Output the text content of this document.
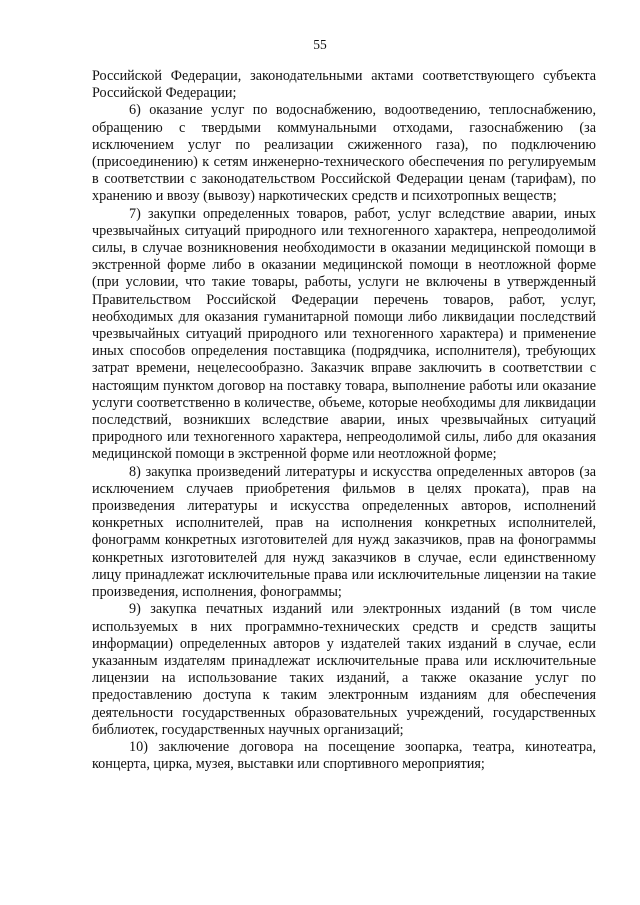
55

Российской Федерации, законодательными актами соответствующего субъекта Российской Федерации;

6) оказание услуг по водоснабжению, водоотведению, теплоснабжению, обращению с твердыми коммунальными отходами, газоснабжению (за исключением услуг по реализации сжиженного газа), по подключению (присоединению) к сетям инженерно-технического обеспечения по регулируемым в соответствии с законодательством Российской Федерации ценам (тарифам), по хранению и ввозу (вывозу) наркотических средств и психотропных веществ;

7) закупки определенных товаров, работ, услуг вследствие аварии, иных чрезвычайных ситуаций природного или техногенного характера, непреодолимой силы, в случае возникновения необходимости в оказании медицинской помощи в экстренной форме либо в оказании медицинской помощи в неотложной форме (при условии, что такие товары, работы, услуги не включены в утвержденный Правительством Российской Федерации перечень товаров, работ, услуг, необходимых для оказания гуманитарной помощи либо ликвидации последствий чрезвычайных ситуаций природного или техногенного характера) и применение иных способов определения поставщика (подрядчика, исполнителя), требующих затрат времени, нецелесообразно. Заказчик вправе заключить в соответствии с настоящим пунктом договор на поставку товара, выполнение работы или оказание услуги соответственно в количестве, объеме, которые необходимы для ликвидации последствий, возникших вследствие аварии, иных чрезвычайных ситуаций природного или техногенного характера, непреодолимой силы, либо для оказания медицинской помощи в экстренной форме или неотложной форме;

8) закупка произведений литературы и искусства определенных авторов (за исключением случаев приобретения фильмов в целях проката), прав на произведения литературы и искусства определенных авторов, исполнений конкретных исполнителей, прав на исполнения конкретных исполнителей, фонограмм конкретных изготовителей для нужд заказчиков, прав на фонограммы конкретных изготовителей для нужд заказчиков в случае, если единственному лицу принадлежат исключительные права или исключительные лицензии на такие произведения, исполнения, фонограммы;

9) закупка печатных изданий или электронных изданий (в том числе используемых в них программно-технических средств и средств защиты информации) определенных авторов у издателей таких изданий в случае, если указанным издателям принадлежат исключительные права или исключительные лицензии на использование таких изданий, а также оказание услуг по предоставлению доступа к таким электронным изданиям для обеспечения деятельности государственных образовательных учреждений, государственных библиотек, государственных научных организаций;

10) заключение договора на посещение зоопарка, театра, кинотеатра, концерта, цирка, музея, выставки или спортивного мероприятия;
